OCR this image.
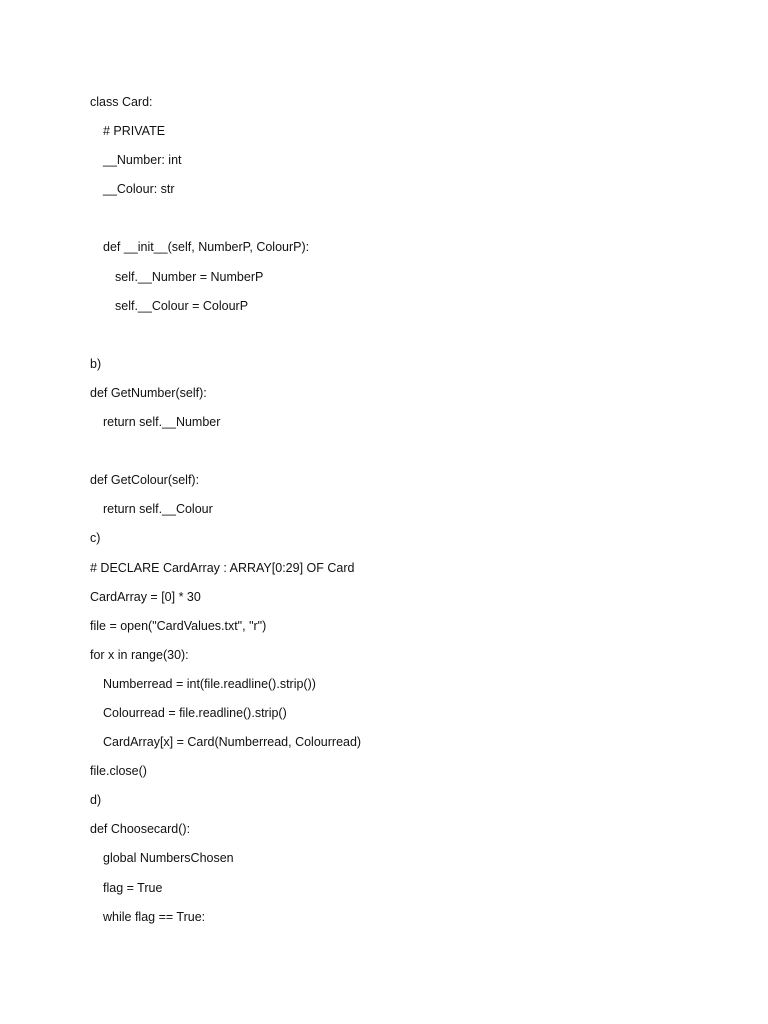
class Card:
# PRIVATE
__Number: int
__Colour: str
def __init__(self, NumberP, ColourP):
self.__Number = NumberP
self.__Colour = ColourP
b)
def GetNumber(self):
return self.__Number
def GetColour(self):
return self.__Colour
c)
# DECLARE CardArray : ARRAY[0:29] OF Card
CardArray = [0] * 30
file = open("CardValues.txt", "r")
for x in range(30):
Numberread = int(file.readline().strip())
Colourread = file.readline().strip()
CardArray[x] = Card(Numberread, Colourread)
file.close()
d)
def Choosecard():
global NumbersChosen
flag = True
while flag == True:
